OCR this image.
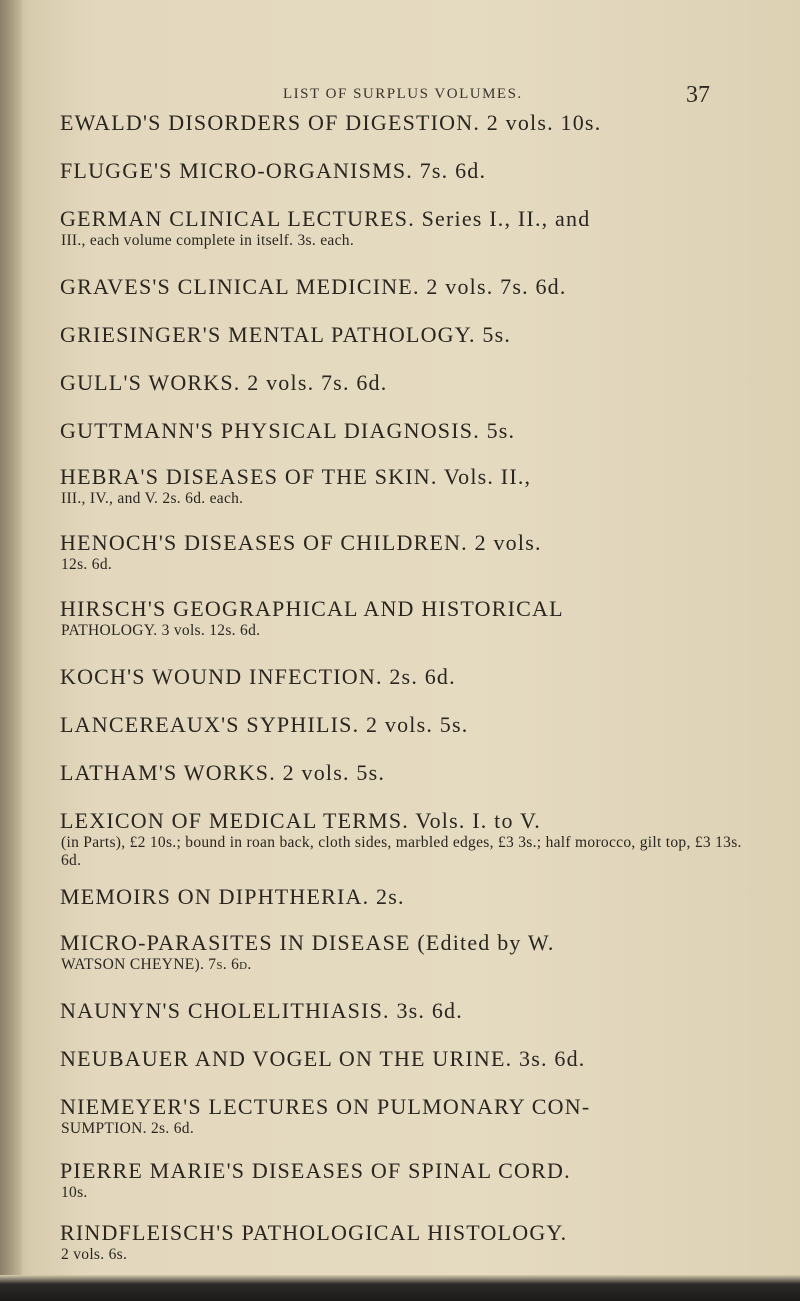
LIST OF SURPLUS VOLUMES.	37
EWALD'S DISORDERS OF DIGESTION. 2 vols. 10s.
FLUGGE'S MICRO-ORGANISMS. 7s. 6d.
GERMAN CLINICAL LECTURES. Series I., II., and
III., each volume complete in itself. 3s. each.
GRAVES'S CLINICAL MEDICINE. 2 vols. 7s. 6d.
GRIESINGER'S MENTAL PATHOLOGY. 5s.
GULL'S WORKS. 2 vols. 7s. 6d.
GUTTMANN'S PHYSICAL DIAGNOSIS. 5s.
HEBRA'S DISEASES OF THE SKIN. Vols. II.,
III., IV., and V. 2s. 6d. each.
HENOCH'S DISEASES OF CHILDREN. 2 vols.
12s. 6d.
HIRSCH'S GEOGRAPHICAL AND HISTORICAL
PATHOLOGY. 3 vols. 12s. 6d.
KOCH'S WOUND INFECTION. 2s. 6d.
LANCEREAUX'S SYPHILIS. 2 vols. 5s.
LATHAM'S WORKS. 2 vols. 5s.
LEXICON OF MEDICAL TERMS. Vols. I. to V.
(in Parts), £2 10s.; bound in roan back, cloth sides, marbled edges, £3 3s.; half morocco, gilt top, £3 13s. 6d.
MEMOIRS ON DIPHTHERIA. 2s.
MICRO-PARASITES IN DISEASE (Edited by W.
WATSON CHEYNE). 7s. 6d.
NAUNYN'S CHOLELITHIASIS. 3s. 6d.
NEUBAUER AND VOGEL ON THE URINE. 3s. 6d.
NIEMEYER'S LECTURES ON PULMONARY CON-
SUMPTION. 2s. 6d.
PIERRE MARIE'S DISEASES OF SPINAL CORD.
10s.
RINDFLEISCH'S PATHOLOGICAL HISTOLOGY.
2 vols. 6s.
